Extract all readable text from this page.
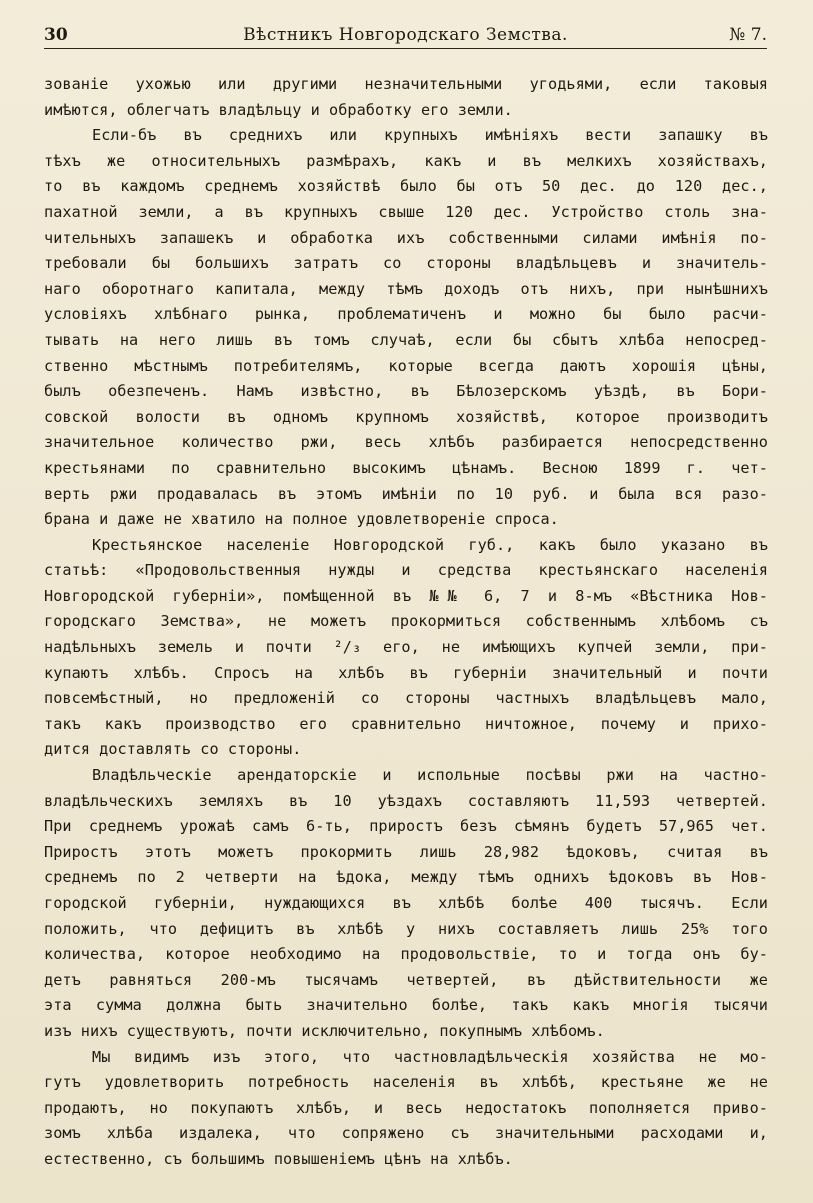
30	Вѣстникъ Новгородскаго Земства.	№ 7.
зованіе ухожью или другими незначительными угодьями, если таковыя
имѣются, облегчатъ владѣльцу и обработку его земли.
Если-бъ въ среднихъ или крупныхъ имѣніяхъ вести запашку въ
тѣхъ же относительныхъ размѣрахъ, какъ и въ мелкихъ хозяйствахъ,
то въ каждомъ среднемъ хозяйствѣ было бы отъ 50 дес. до 120 дес.,
пахатной земли, а въ крупныхъ свыше 120 дес. Устройство столь зна-
чительныхъ запашекъ и обработка ихъ собственными силами имѣнія по-
требовали бы большихъ затратъ со стороны владѣльцевъ и значитель-
наго оборотнаго капитала, между тѣмъ доходъ отъ нихъ, при нынѣшнихъ
условіяхъ хлѣбнаго рынка, проблематиченъ и можно бы было расчи-
тывать на него лишь въ томъ случаѣ, если бы сбытъ хлѣба непосред-
ственно мѣстнымъ потребителямъ, которые всегда даютъ хорошія цѣны,
былъ обезпеченъ. Намъ извѣстно, въ Бѣлозерскомъ уѣздѣ, въ Бори-
совской волости въ одномъ крупномъ хозяйствѣ, которое производитъ
значительное количество ржи, весь хлѣбъ разбирается непосредственно
крестьянами по сравнительно высокимъ цѣнамъ. Весною 1899 г. чет-
верть ржи продавалась въ этомъ имѣніи по 10 руб. и была вся разо-
брана и даже не хватило на полное удовлетвореніе спроса.
Крестьянское населеніе Новгородской губ., какъ было указано въ
статьѣ: «Продовольственныя нужды и средства крестьянскаго населенія
Новгородской губерніи», помѣщенной въ №№ 6, 7 и 8-мъ «Вѣстника Нов-
городскаго Земства», не можетъ прокормиться собственнымъ хлѣбомъ съ
надѣльныхъ земель и почти ²/₃ его, не имѣющихъ купчей земли, при-
купаютъ хлѣбъ. Спросъ на хлѣбъ въ губерніи значительный и почти
повсемѣстный, но предложеній со стороны частныхъ владѣльцевъ мало,
такъ какъ производство его сравнительно ничтожное, почему и прихо-
дится доставлять со стороны.
Владѣльческіе арендаторскіе и испольные посѣвы ржи на частно-
владѣльческихъ земляхъ въ 10 уѣздахъ составляютъ 11,593 четвертей.
При среднемъ урожаѣ самъ 6-ть, приростъ безъ сѣмянъ будетъ 57,965 чет.
Приростъ этотъ можетъ прокормить лишь 28,982 ѣдоковъ, считая въ
среднемъ по 2 четверти на ѣдока, между тѣмъ одниxъ ѣдоковъ въ Нов-
городской губерніи, нуждающихся въ хлѣбѣ болѣе 400 тысячъ. Если
положить, что дефицитъ въ хлѣбѣ у нихъ составляетъ лишь 25% того
количества, которое необходимо на продовольствіе, то и тогда онъ бу-
детъ равняться 200-мъ тысячамъ четвертей, въ дѣйствительности же
эта сумма должна быть значительно болѣе, такъ какъ многія тысячи
изъ нихъ существуютъ, почти исключительно, покупнымъ хлѣбомъ.
Мы видимъ изъ этого, что частновладѣльческія хозяйства не мо-
гутъ удовлетворить потребность населенія въ хлѣбѣ, крестьяне же не
продаютъ, но покупаютъ хлѣбъ, и весь недостатокъ пополняется приво-
зомъ хлѣба издалека, что сопряжено съ значительными расходами и,
естественно, съ большимъ повышеніемъ цѣнъ на хлѣбъ.
